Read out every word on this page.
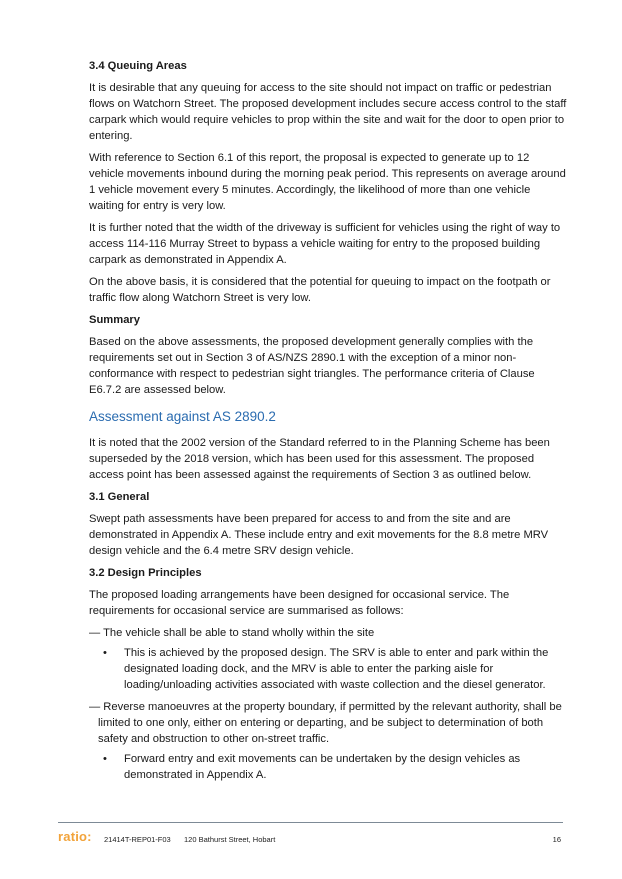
3.4 Queuing Areas

It is desirable that any queuing for access to the site should not impact on traffic or pedestrian flows on Watchorn Street. The proposed development includes secure access control to the staff carpark which would require vehicles to prop within the site and wait for the door to open prior to entering.

With reference to Section 6.1 of this report, the proposal is expected to generate up to 12 vehicle movements inbound during the morning peak period. This represents on average around 1 vehicle movement every 5 minutes. Accordingly, the likelihood of more than one vehicle waiting for entry is very low.

It is further noted that the width of the driveway is sufficient for vehicles using the right of way to access 114-116 Murray Street to bypass a vehicle waiting for entry to the proposed building carpark as demonstrated in Appendix A.

On the above basis, it is considered that the potential for queuing to impact on the footpath or traffic flow along Watchorn Street is very low.

Summary

Based on the above assessments, the proposed development generally complies with the requirements set out in Section 3 of AS/NZS 2890.1 with the exception of a minor non-conformance with respect to pedestrian sight triangles. The performance criteria of Clause E6.7.2 are assessed below.

Assessment against AS 2890.2

It is noted that the 2002 version of the Standard referred to in the Planning Scheme has been superseded by the 2018 version, which has been used for this assessment. The proposed access point has been assessed against the requirements of Section 3 as outlined below.

3.1 General

Swept path assessments have been prepared for access to and from the site and are demonstrated in Appendix A. These include entry and exit movements for the 8.8 metre MRV design vehicle and the 6.4 metre SRV design vehicle.

3.2 Design Principles

The proposed loading arrangements have been designed for occasional service. The requirements for occasional service are summarised as follows:

— The vehicle shall be able to stand wholly within the site
• This is achieved by the proposed design. The SRV is able to enter and park within the designated loading dock, and the MRV is able to enter the parking aisle for loading/unloading activities associated with waste collection and the diesel generator.
— Reverse manoeuvres at the property boundary, if permitted by the relevant authority, shall be limited to one only, either on entering or departing, and be subject to determination of both safety and obstruction to other on-street traffic.
• Forward entry and exit movements can be undertaken by the design vehicles as demonstrated in Appendix A.
ratio: 21414T-REP01-F03 120 Bathurst Street, Hobart	16
